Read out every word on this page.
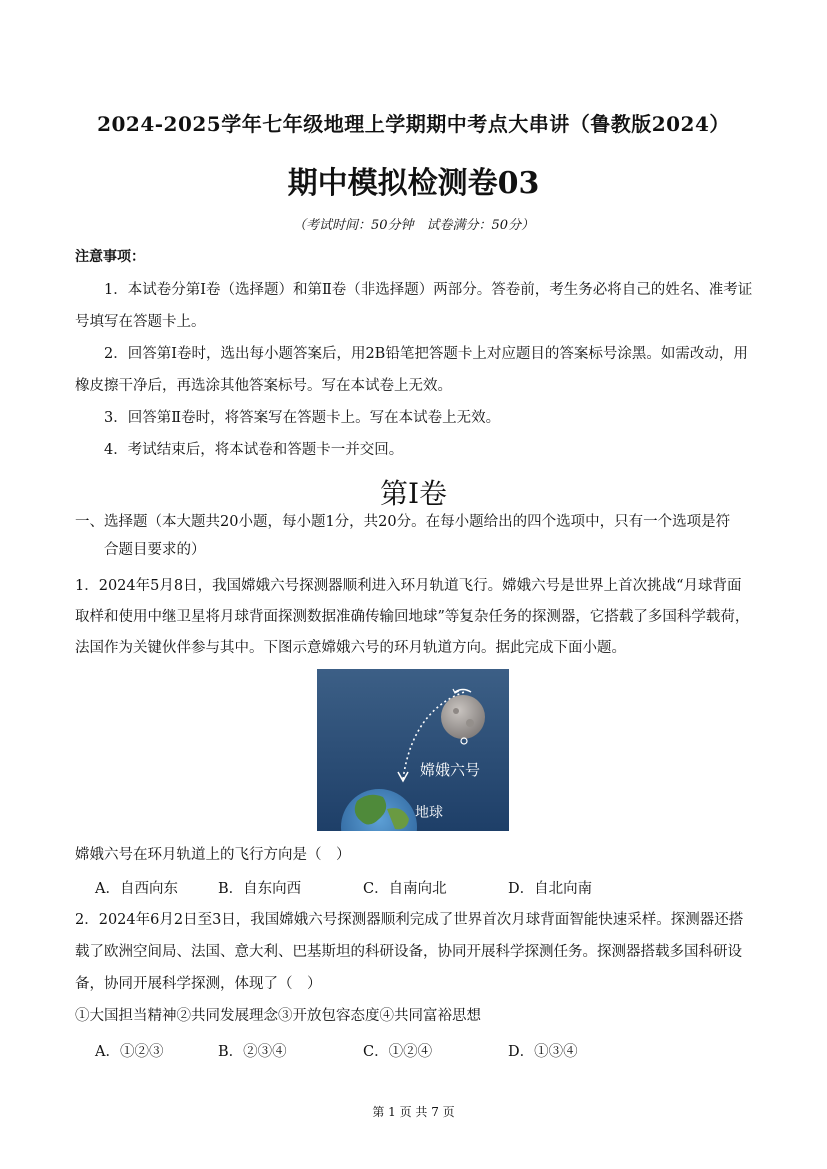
2024-2025学年七年级地理上学期期中考点大串讲（鲁教版2024）
期中模拟检测卷03
（考试时间：50分钟　试卷满分：50分）
注意事项：
1．本试卷分第Ⅰ卷（选择题）和第Ⅱ卷（非选择题）两部分。答卷前，考生务必将自己的姓名、准考证
号填写在答题卡上。
2．回答第Ⅰ卷时，选出每小题答案后，用2B铅笔把答题卡上对应题目的答案标号涂黑。如需改动，用
橡皮擦干净后，再选涂其他答案标号。写在本试卷上无效。
3．回答第Ⅱ卷时，将答案写在答题卡上。写在本试卷上无效。
4．考试结束后，将本试卷和答题卡一并交回。
第Ⅰ卷
一、选择题（本大题共20小题，每小题1分，共20分。在每小题给出的四个选项中，只有一个选项是符
合题目要求的）
1．2024年5月8日，我国嫦娥六号探测器顺利进入环月轨道飞行。嫦娥六号是世界上首次挑战“月球背面
取样和使用中继卫星将月球背面探测数据准确传输回地球”等复杂任务的探测器，它搭载了多国科学载荷，
法国作为关键伙伴参与其中。下图示意嫦娥六号的环月轨道方向。据此完成下面小题。
嫦娥六号
地球
嫦娥六号在环月轨道上的飞行方向是（　）
A．自西向东	B．自东向西	C．自南向北	D．自北向南
2．2024年6月2日至3日，我国嫦娥六号探测器顺利完成了世界首次月球背面智能快速采样。探测器还搭
载了欧洲空间局、法国、意大利、巴基斯坦的科研设备，协同开展科学探测任务。探测器搭载多国科研设
备，协同开展科学探测，体现了（　）
①大国担当精神②共同发展理念③开放包容态度④共同富裕思想
A．①②③	B．②③④	C．①②④	D．①③④
第 1 页 共 7 页
